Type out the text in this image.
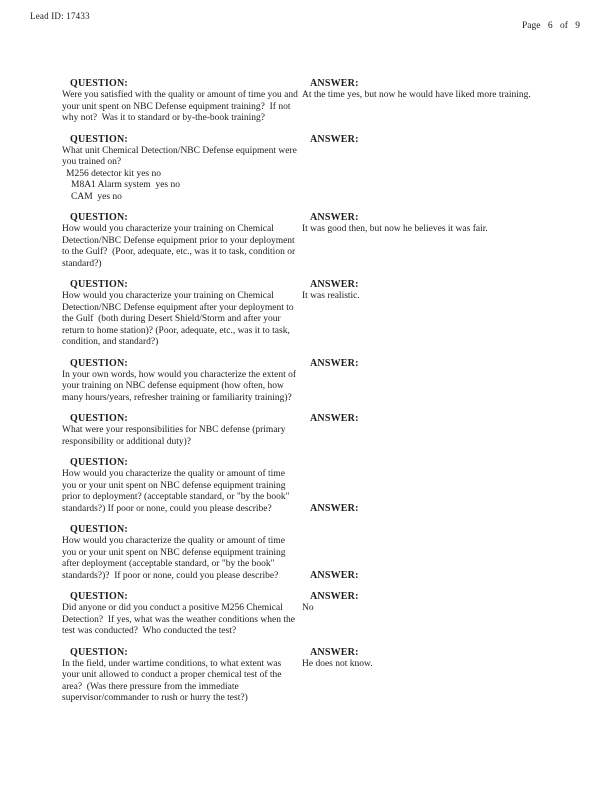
Lead ID: 17433
Page 6 of 9
QUESTION:
Were you satisfied with the quality or amount of time you and your unit spent on NBC Defense equipment training?  If not why not?  Was it to standard or by-the-book training?
ANSWER:
At the time yes, but now he would have liked more training.
QUESTION:
What unit Chemical Detection/NBC Defense equipment were you trained on?
M256 detector kit yes no
M8A1 Alarm system  yes no
CAM  yes no
ANSWER:
QUESTION:
How would you characterize your training on Chemical Detection/NBC Defense equipment prior to your deployment to the Gulf?  (Poor, adequate, etc., was it to task, condition or standard?)
ANSWER:
It was good then, but now he believes it was fair.
QUESTION:
How would you characterize your training on Chemical Detection/NBC Defense equipment after your deployment to the Gulf  (both during Desert Shield/Storm and after your return to home station)? (Poor, adequate, etc., was it to task, condition, and standard?)
ANSWER:
It was realistic.
QUESTION:
In your own words, how would you characterize the extent of your training on NBC defense equipment (how often, how many hours/years, refresher training or familiarity training)?
ANSWER:
QUESTION:
What were your responsibilities for NBC defense (primary responsibility or additional duty)?
ANSWER:
QUESTION:
How would you characterize the quality or amount of time you or your unit spent on NBC defense equipment training prior to deployment? (acceptable standard, or "by the book" standards?) If poor or none, could you please describe?	ANSWER:
QUESTION:
How would you characterize the quality or amount of time you or your unit spent on NBC defense equipment training after deployment (acceptable standard, or "by the book" standards?)?  If poor or none, could you please describe?	ANSWER:
QUESTION:
Did anyone or did you conduct a positive M256 Chemical Detection?  If yes, what was the weather conditions when the test was conducted?  Who conducted the test?
ANSWER:
No
QUESTION:
In the field, under wartime conditions, to what extent was your unit allowed to conduct a proper chemical test of the area?  (Was there pressure from the immediate supervisor/commander to rush or hurry the test?)
ANSWER:
He does not know.
